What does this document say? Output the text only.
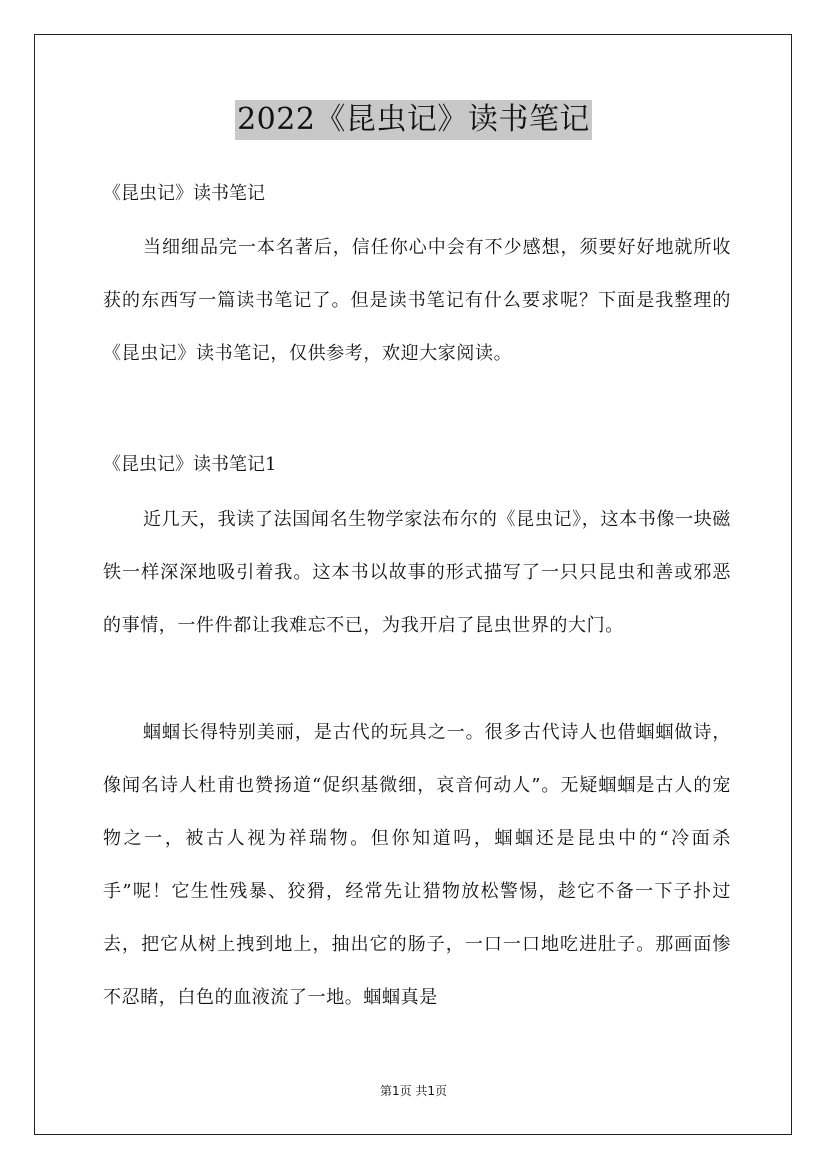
2022《昆虫记》读书笔记
《昆虫记》读书笔记

当细细品完一本名著后，信任你心中会有不少感想，须要好好地就所收获的东西写一篇读书笔记了。但是读书笔记有什么要求呢？下面是我整理的《昆虫记》读书笔记，仅供参考，欢迎大家阅读。

《昆虫记》读书笔记1

近几天，我读了法国闻名生物学家法布尔的《昆虫记》，这本书像一块磁铁一样深深地吸引着我。这本书以故事的形式描写了一只只昆虫和善或邪恶的事情，一件件都让我难忘不已，为我开启了昆虫世界的大门。

蝈蝈长得特别美丽，是古代的玩具之一。很多古代诗人也借蝈蝈做诗，像闻名诗人杜甫也赞扬道“促织基微细，哀音何动人”。无疑蝈蝈是古人的宠物之一，被古人视为祥瑞物。但你知道吗，蝈蝈还是昆虫中的“冷面杀手”呢！它生性残暴、狡猾，经常先让猎物放松警惕，趁它不备一下子扑过去，把它从树上拽到地上，抽出它的肠子，一口一口地吃进肚子。那画面惨不忍睹，白色的血液流了一地。蝈蝈真是

第1页 共1页
